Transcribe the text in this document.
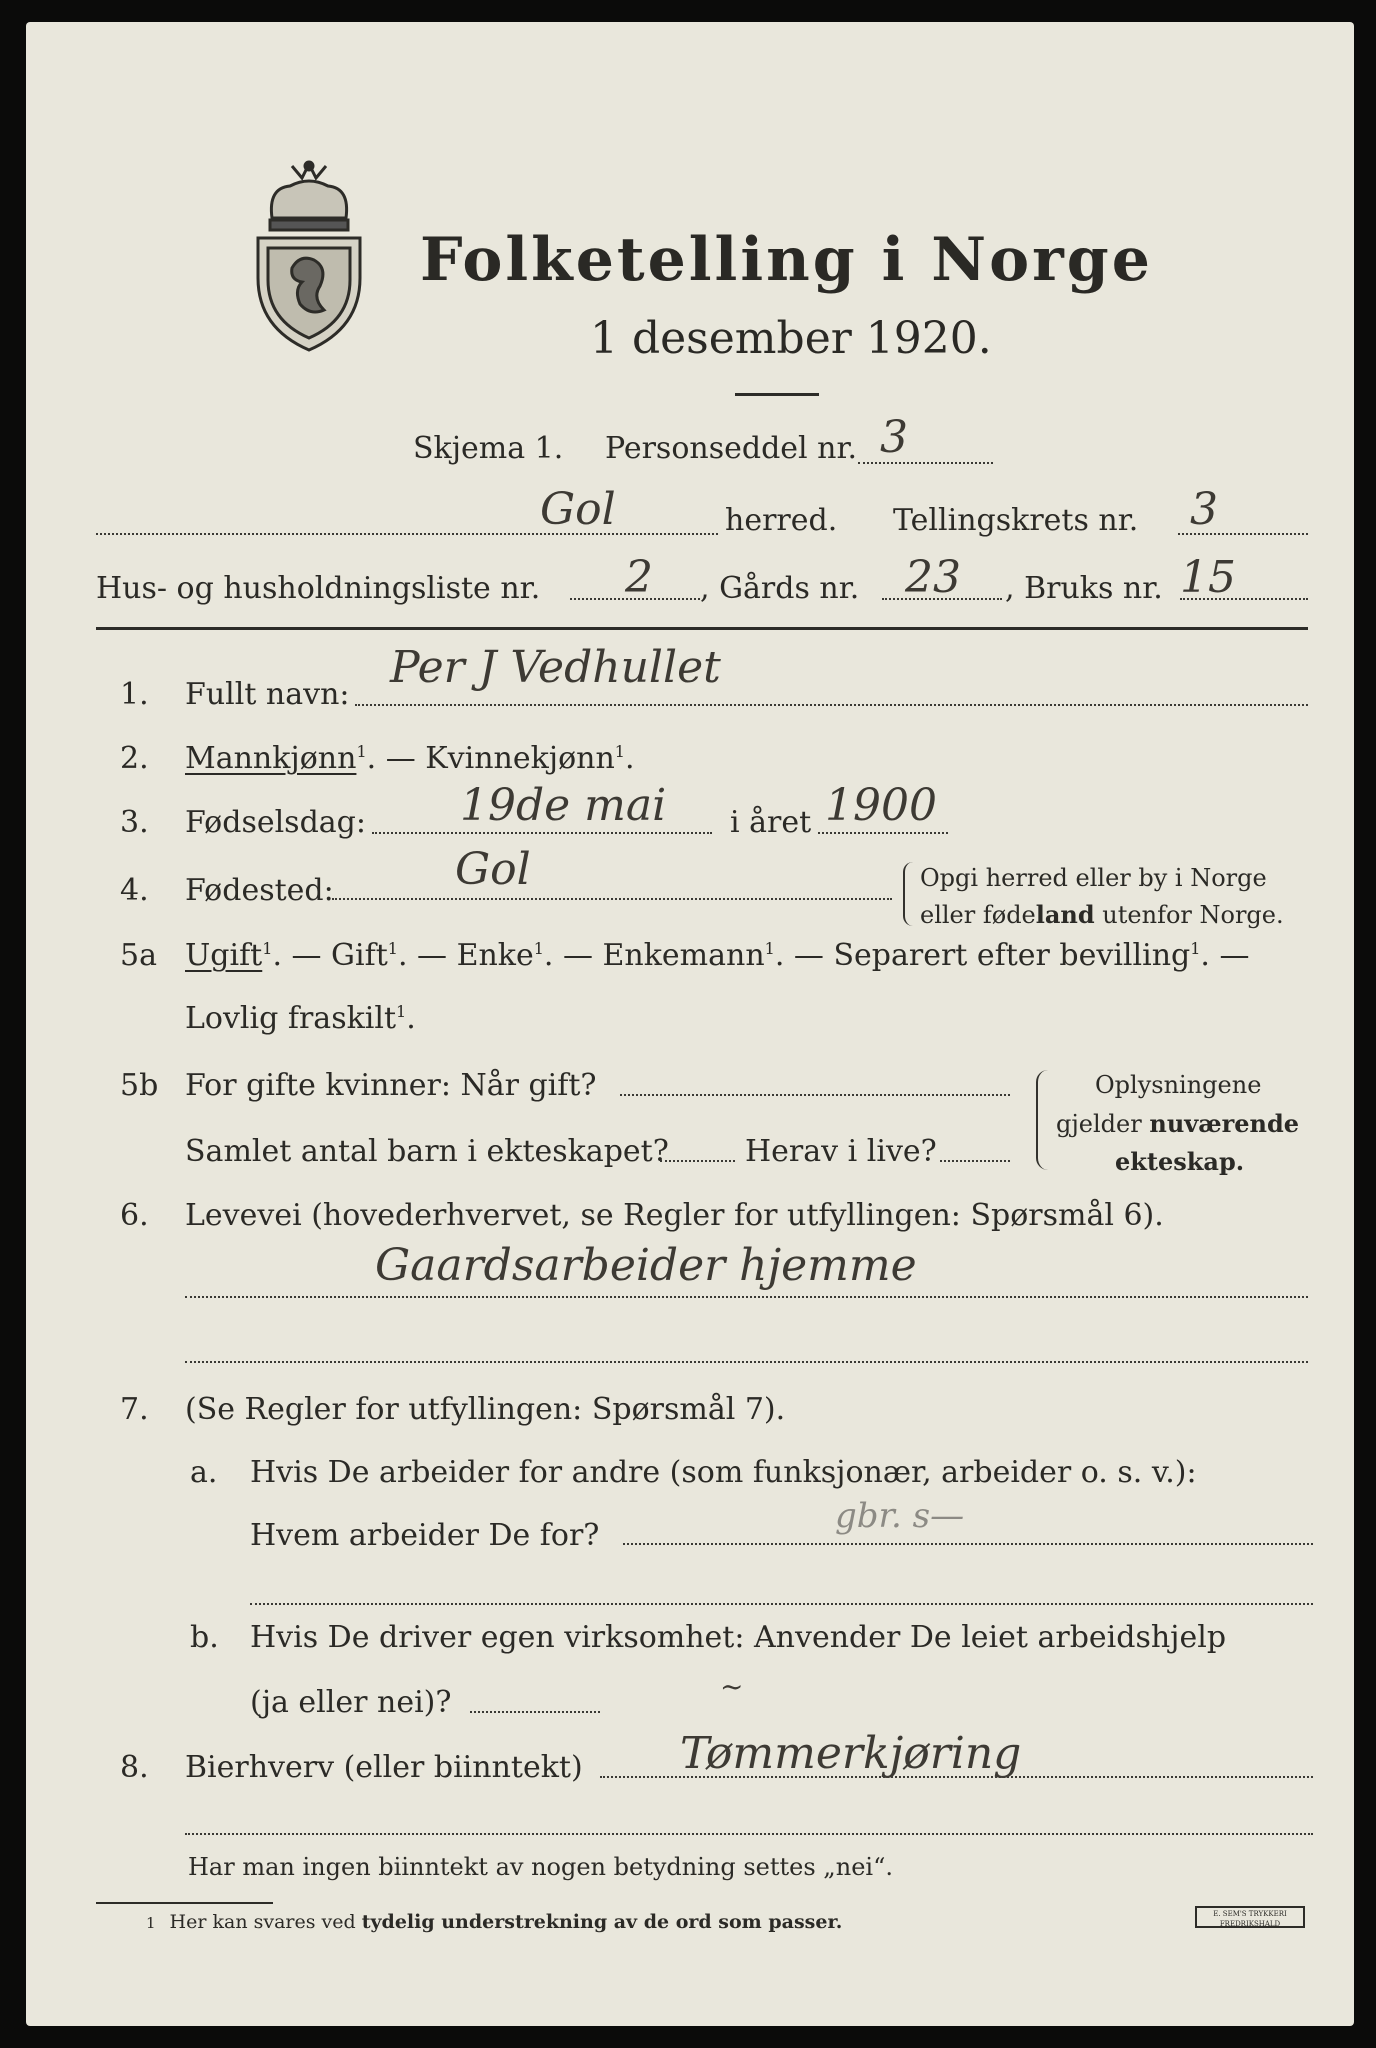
Folketelling i Norge
1 desember 1920.
Skjema 1. Personseddel nr. 3
Gol	herred. Tellingskrets nr. 3
Hus- og husholdningsliste nr. 2 , Gårds nr. 23 , Bruks nr. 15
1. Fullt navn:
Per J Vedhullet
2. Mannkjønn$^1$. — Kvinnekjønn$^1$.
3. Fødselsdag: 19de mai i året 1900
4. Fødested:	Gol	Opgi herred eller by i Norge
eller fødeland utenfor Norge.
5a Ugift$^1$. — Gift$^1$. — Enke$^1$. — Enkemann$^1$. — Separert efter bevilling$^1$. —
Lovlig fraskilt$^1$.
5b For gifte kvinner: Når gift?
Samlet antal barn i ekteskapet?	Herav i live?
Oplysningene
gjelder nuværende
ekteskap.
6. Levevei (hovederhvervet, se Regler for utfyllingen: Spørsmål 6).
Gaardsarbeider hjemme
7. (Se Regler for utfyllingen: Spørsmål 7).
a. Hvis De arbeider for andre (som funksjonær, arbeider o. s. v.):
Hvem arbeider De for?	gbr. s—
b. Hvis De driver egen virksomhet: Anvender De leiet arbeidshjelp
(ja eller nei)?	~
8. Bierhverv (eller biinntekt) Tømmerkjøring
Har man ingen biinntekt av nogen betydning settes „nei“.
1 Her kan svares ved tydelig understrekning av de ord som passer.	E. SEM'S TRYKKERI FREDRIKSHALD
